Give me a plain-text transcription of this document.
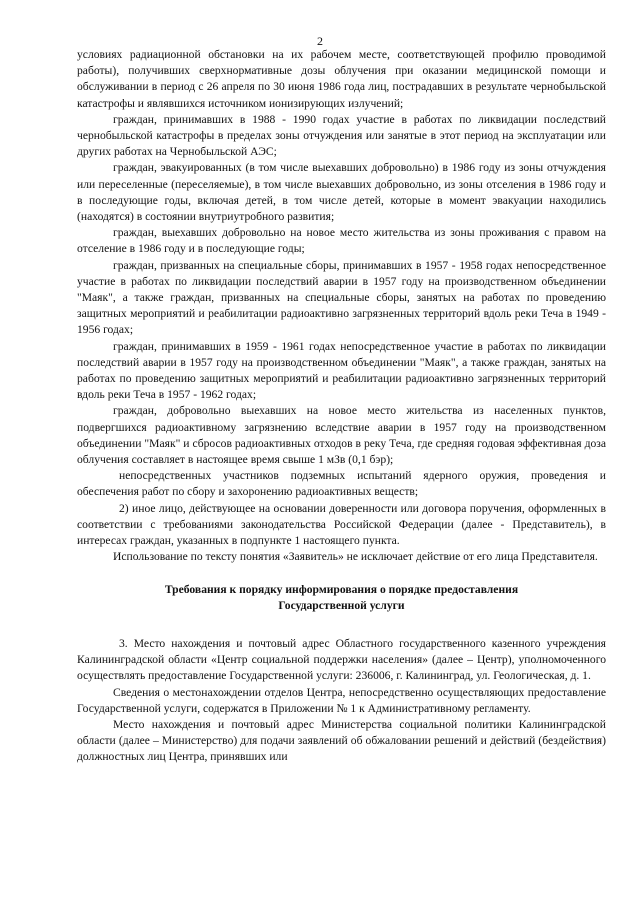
2

условиях радиационной обстановки на их рабочем месте, соответствующей профилю проводимой работы), получивших сверхнормативные дозы облучения при оказании медицинской помощи и обслуживании в период с 26 апреля по 30 июня 1986 года лиц, пострадавших в результате чернобыльской катастрофы и являвшихся источником ионизирующих излучений;

граждан, принимавших в 1988 - 1990 годах участие в работах по ликвидации последствий чернобыльской катастрофы в пределах зоны отчуждения или занятые в этот период на эксплуатации или других работах на Чернобыльской АЭС;

граждан, эвакуированных (в том числе выехавших добровольно) в 1986 году из зоны отчуждения или переселенные (переселяемые), в том числе выехавших добровольно, из зоны отселения в 1986 году и в последующие годы, включая детей, в том числе детей, которые в момент эвакуации находились (находятся) в состоянии внутриутробного развития;

граждан, выехавших добровольно на новое место жительства из зоны проживания с правом на отселение в 1986 году и в последующие годы;

граждан, призванных на специальные сборы, принимавших в 1957 - 1958 годах непосредственное участие в работах по ликвидации последствий аварии в 1957 году на производственном объединении "Маяк", а также граждан, призванных на специальные сборы, занятых на работах по проведению защитных мероприятий и реабилитации радиоактивно загрязненных территорий вдоль реки Теча в 1949 - 1956 годах;

граждан, принимавших в 1959 - 1961 годах непосредственное участие в работах по ликвидации последствий аварии в 1957 году на производственном объединении "Маяк", а также граждан, занятых на работах по проведению защитных мероприятий и реабилитации радиоактивно загрязненных территорий вдоль реки Теча в 1957 - 1962 годах;

граждан, добровольно выехавших на новое место жительства из населенных пунктов, подвергшихся радиоактивному загрязнению вследствие аварии в 1957 году на производственном объединении "Маяк" и сбросов радиоактивных отходов в реку Теча, где средняя годовая эффективная доза облучения составляет в настоящее время свыше 1 мЗв (0,1 бэр);

непосредственных участников подземных испытаний ядерного оружия, проведения и обеспечения работ по сбору и захоронению радиоактивных веществ;

2) иное лицо, действующее на основании доверенности или договора поручения, оформленных в соответствии с требованиями законодательства Российской Федерации (далее - Представитель), в интересах граждан, указанных в подпункте 1 настоящего пункта.

Использование по тексту понятия «Заявитель» не исключает действие от его лица Представителя.

Требования к порядку информирования о порядке предоставления

Государственной услуги

3. Место нахождения и почтовый адрес Областного государственного казенного учреждения Калининградской области «Центр социальной поддержки населения» (далее – Центр), уполномоченного осуществлять предоставление Государственной услуги: 236006, г. Калининград, ул. Геологическая, д. 1.

Сведения о местонахождении отделов Центра, непосредственно осуществляющих предоставление Государственной услуги, содержатся в Приложении № 1 к Административному регламенту.

Место нахождения и почтовый адрес Министерства социальной политики Калининградской области (далее – Министерство) для подачи заявлений об обжаловании решений и действий (бездействия) должностных лиц Центра, принявших или
